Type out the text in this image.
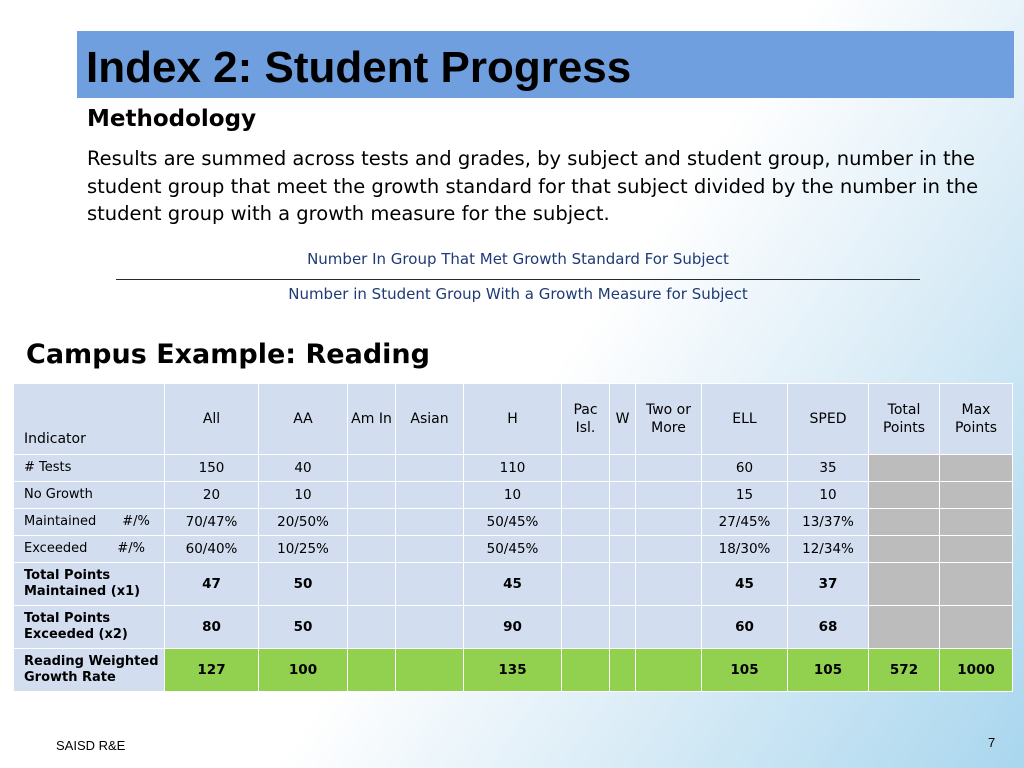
Index 2: Student Progress
Methodology

Results are summed across tests and grades, by subject and student group, number in the student group that meet the growth standard for that subject divided by the number in the student group with a growth measure for the subject.

Number In Group That Met Growth Standard For Subject
Number in Student Group With a Growth Measure for Subject
Campus Example: Reading
Indicator	All	AA	Am In	Asian	H	Pac Isl.	W	Two or More	ELL	SPED	Total Points	Max Points
# Tests	150	40			110				60	35		
No Growth	20	10			10				15	10		
Maintained #/%	70/47%	20/50%			50/45%				27/45%	13/37%		
Exceeded #/%	60/40%	10/25%			50/45%				18/30%	12/34%		
Total Points Maintained (x1)	47	50			45				45	37		
Total Points Exceeded (x2)	80	50			90				60	68		
Reading Weighted Growth Rate	127	100			135				105	105	572	1000
SAISD R&E	7
